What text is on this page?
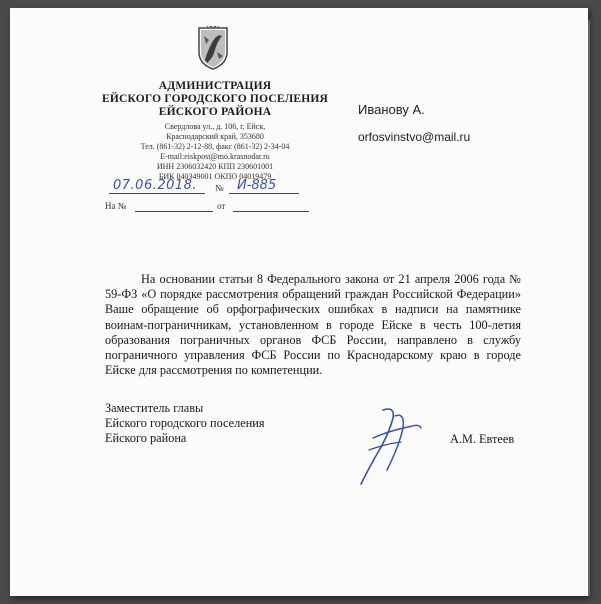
АДМИНИСТРАЦИЯ
ЕЙСКОГО ГОРОДСКОГО ПОСЕЛЕНИЯ
ЕЙСКОГО РАЙОНА
Свердлова ул., д. 106, г. Ейск,
Краснодарский край, 353680
Тел. (861-32) 2-12-88, факс (861-32) 2-34-04
E-mail:eiskpost@mo.krasnodar.ru
ИНН 2306032420 КПП 230601001
БИК 040349001 ОКПО 04019479
07.06.2018. № И-885
На №	от
Иванову А.
orfosvinstvo@mail.ru
На основании статьи 8 Федерального закона от 21 апреля 2006 года № 59-ФЗ «О порядке рассмотрения обращений граждан Российской Федерации» Ваше обращение об орфографических ошибках в надписи на памятнике воинам-пограничникам, установленном в городе Ейске в честь 100-летия образования пограничных органов ФСБ России, направлено в службу пограничного управления ФСБ России по Краснодарскому краю в городе Ейске для рассмотрения по компетенции.
Заместитель главы
Ейского городского поселения
Ейского района	А.М. Евтеев
